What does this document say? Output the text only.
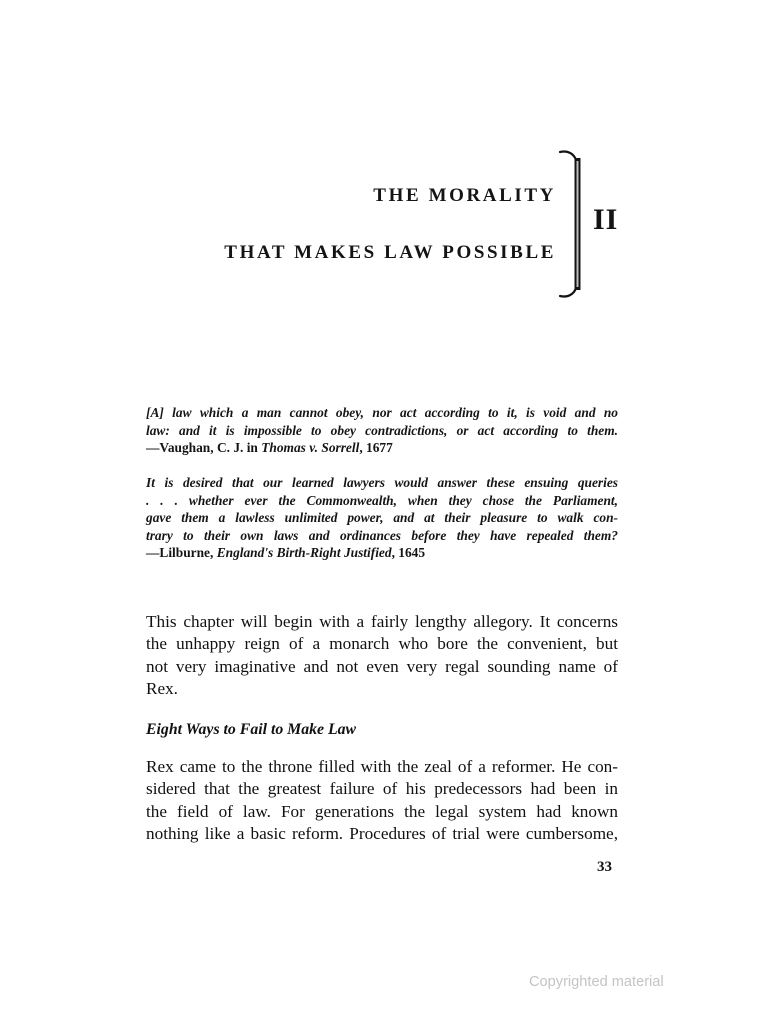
THE MORALITY
THAT MAKES LAW POSSIBLE
II
[A] law which a man cannot obey, nor act according to it, is void and no
law: and it is impossible to obey contradictions, or act according to them.
—Vaughan, C. J. in Thomas v. Sorrell, 1677
It is desired that our learned lawyers would answer these ensuing queries
. . . whether ever the Commonwealth, when they chose the Parliament,
gave them a lawless unlimited power, and at their pleasure to walk con-
trary to their own laws and ordinances before they have repealed them?
—Lilburne, England's Birth-Right Justified, 1645
This chapter will begin with a fairly lengthy allegory. It concerns
the unhappy reign of a monarch who bore the convenient, but
not very imaginative and not even very regal sounding name of
Rex.
Eight Ways to Fail to Make Law
Rex came to the throne filled with the zeal of a reformer. He con-
sidered that the greatest failure of his predecessors had been in
the field of law. For generations the legal system had known
nothing like a basic reform. Procedures of trial were cumbersome,
33
Copyrighted material
